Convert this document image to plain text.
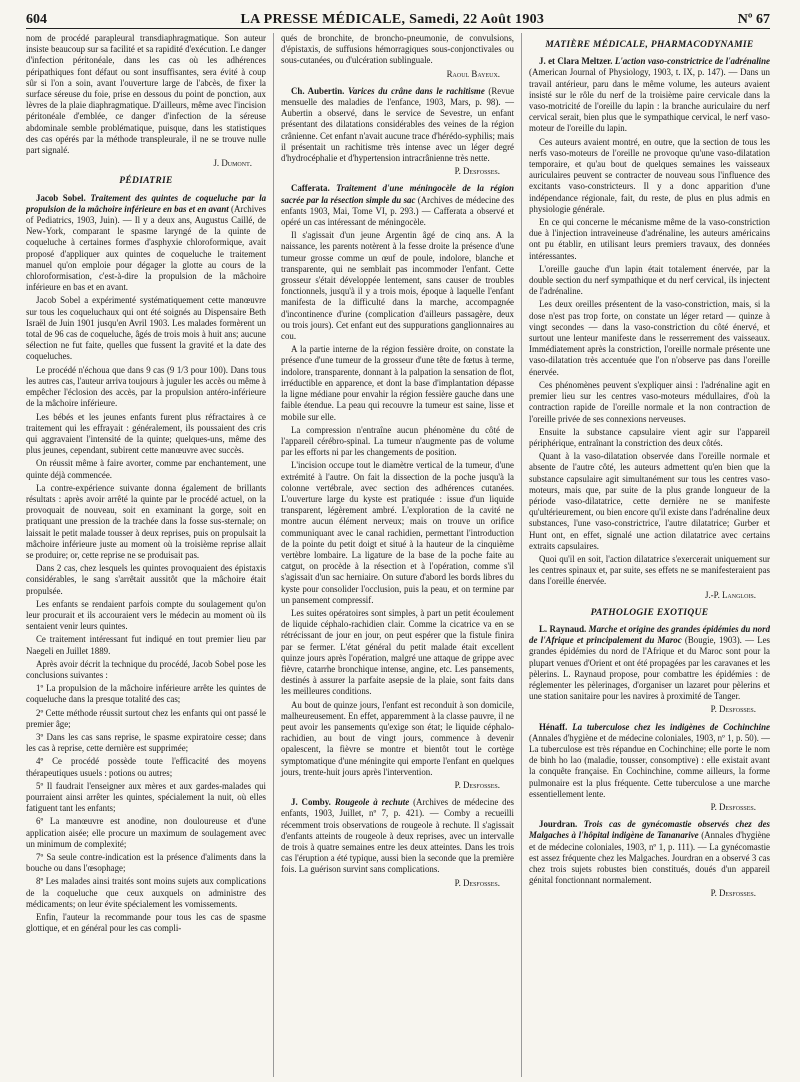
604	LA PRESSE MÉDICALE, Samedi, 22 Août 1903	Nº 67

nom de procédé parapleural transdiaphragmatique. Son auteur insiste beaucoup sur sa facilité et sa rapidité d'exécution. Le danger d'infection péritonéale, dans les cas où les adhérences péripathiques font défaut ou sont insuffisantes, sera évité à coup sûr si l'on a soin, avant l'ouverture large de l'abcès, de fixer la surface séreuse du foie, prise en dessous du point de ponction, aux lèvres de la plaie diaphragmatique. D'ailleurs, même avec l'incision péritonéale d'emblée, ce danger d'infection de la séreuse abdominale semble problématique, puisque, dans les statistiques des cas opérés par la méthode transpleurale, il ne se trouve nulle part signalé.

J. Dumont.

PÉDIATRIE

Jacob Sobel. Traitement des quintes de coqueluche par la propulsion de la mâchoire inférieure en bas et en avant (Archives of Pediatrics, 1903, Juin). — Il y a deux ans, Augustus Caillé, de New-York, comparant le spasme laryngé de la quinte de coqueluche à certaines formes d'asphyxie chloroformique, avait proposé d'appliquer aux quintes de coqueluche le traitement manuel qu'on emploie pour dégager la glotte au cours de la chloroformisation, c'est-à-dire la propulsion de la mâchoire inférieure en bas et en avant.

Jacob Sobel a expérimenté systématiquement cette manœuvre sur tous les coqueluchaux qui ont été soignés au Dispensaire Beth Israël de Juin 1901 jusqu'en Avril 1903. Les malades formèrent un total de 96 cas de coqueluche, âgés de trois mois à huit ans; aucune sélection ne fut faite, quelles que fussent la gravité et la date des coqueluches.

Le procédé n'échoua que dans 9 cas (9 1/3 pour 100). Dans tous les autres cas, l'auteur arriva toujours à juguler les accès ou même à empêcher l'éclosion des accès, par la propulsion antéro-inférieure de la mâchoire inférieure.

Les bébés et les jeunes enfants furent plus réfractaires à ce traitement qui les effrayait : généralement, ils poussaient des cris qui aggravaient l'intensité de la quinte; quelques-uns, même des plus jeunes, cependant, subirent cette manœuvre avec succès.

On réussit même à faire avorter, comme par enchantement, une quinte déjà commencée.

La contre-expérience suivante donna également de brillants résultats : après avoir arrêté la quinte par le procédé actuel, on la provoquait de nouveau, soit en examinant la gorge, soit en pratiquant une pression de la trachée dans la fosse sus-sternale; on laissait le petit malade tousser à deux reprises, puis on propulsait la mâchoire inférieure juste au moment où la troisième reprise allait se produire; or, cette reprise ne se produisait pas.

Dans 2 cas, chez lesquels les quintes provoquaient des épistaxis considérables, le sang s'arrêtait aussitôt que la mâchoire était propulsée.

Les enfants se rendaient parfois compte du soulagement qu'on leur procurait et ils accouraient vers le médecin au moment où ils sentaient venir leurs quintes.

Ce traitement intéressant fut indiqué en tout premier lieu par Naegeli en Juillet 1889.

Après avoir décrit la technique du procédé, Jacob Sobel pose les conclusions suivantes :

1º La propulsion de la mâchoire inférieure arrête les quintes de coqueluche dans la presque totalité des cas;

2º Cette méthode réussit surtout chez les enfants qui ont passé le premier âge;

3º Dans les cas sans reprise, le spasme expiratoire cesse; dans les cas à reprise, cette dernière est supprimée;

4º Ce procédé possède toute l'efficacité des moyens thérapeutiques usuels : potions ou autres;

5º Il faudrait l'enseigner aux mères et aux gardes-malades qui pourraient ainsi arrêter les quintes, spécialement la nuit, où elles fatiguent tant les enfants;

6º La manœuvre est anodine, non douloureuse et d'une application aisée; elle procure un maximum de soulagement avec un minimum de complexité;

7º Sa seule contre-indication est la présence d'aliments dans la bouche ou dans l'œsophage;

8º Les malades ainsi traités sont moins sujets aux complications de la coqueluche que ceux auxquels on administre des médicaments; on leur évite spécialement les vomissements.

Enfin, l'auteur la recommande pour tous les cas de spasme glottique, et en général pour les cas compli-

qués de bronchite, de broncho-pneumonie, de convulsions, d'épistaxis, de suffusions hémorragiques sous-conjonctivales ou sous-cutanées, ou d'ulcération sublinguale.

Raoul Bayeux.

Ch. Aubertin. Varices du crâne dans le rachitisme (Revue mensuelle des maladies de l'enfance, 1903, Mars, p. 98). — Aubertin a observé, dans le service de Sevestre, un enfant présentant des dilatations considérables des veines de la région crânienne. Cet enfant n'avait aucune trace d'hérédo-syphilis; mais il présentait un rachitisme très intense avec un léger degré d'hydrocéphalie et d'hypertension intracrânienne très nette.

P. Desfosses.

Cafferata. Traitement d'une méningocèle de la région sacrée par la résection simple du sac (Archives de médecine des enfants 1903, Mai, Tome VI, p. 293.) — Cafferata a observé et opéré un cas intéressant de méningocèle.

Il s'agissait d'un jeune Argentin âgé de cinq ans. A la naissance, les parents notèrent à la fesse droite la présence d'une tumeur grosse comme un œuf de poule, indolore, blanche et transparente, qui ne semblait pas incommoder l'enfant. Cette grosseur s'était développée lentement, sans causer de troubles fonctionnels, jusqu'à il y a trois mois, époque à laquelle l'enfant manifesta de la difficulté dans la marche, accompagnée d'incontinence d'urine (complication d'ailleurs passagère, deux ou trois jours). Cet enfant eut des suppurations ganglionnaires au cou.

A la partie interne de la région fessière droite, on constate la présence d'une tumeur de la grosseur d'une tête de fœtus à terme, indolore, transparente, donnant à la palpation la sensation de flot, irréductible en apparence, et dont la base d'implantation dépasse la ligne médiane pour envahir la région fessière gauche dans une faible étendue. La peau qui recouvre la tumeur est saine, lisse et mobile sur elle.

La compression n'entraîne aucun phénomène du côté de l'appareil cérébro-spinal. La tumeur n'augmente pas de volume par les efforts ni par les changements de position.

L'incision occupe tout le diamètre vertical de la tumeur, d'une extrémité à l'autre. On fait la dissection de la poche jusqu'à la colonne vertébrale, avec section des adhérences cutanées. L'ouverture large du kyste est pratiquée : issue d'un liquide transparent, légèrement ambré. L'exploration de la cavité ne montre aucun élément nerveux; mais on trouve un orifice communiquant avec le canal rachidien, permettant l'introduction de la pointe du petit doigt et situé à la hauteur de la cinquième vertèbre lombaire. La ligature de la base de la poche faite au catgut, on procède à la résection et à l'opération, comme s'il s'agissait d'un sac herniaire. On suture d'abord les bords libres du kyste pour consolider l'occlusion, puis la peau, et on termine par un pansement compressif.

Les suites opératoires sont simples, à part un petit écoulement de liquide céphalo-rachidien clair. Comme la cicatrice va en se rétrécissant de jour en jour, on peut espérer que la fistule finira par se fermer. L'état général du petit malade était excellent quinze jours après l'opération, malgré une attaque de grippe avec fièvre, catarrhe bronchique intense, angine, etc. Les pansements, destinés à assurer la parfaite asepsie de la plaie, sont faits dans les meilleures conditions.

Au bout de quinze jours, l'enfant est reconduit à son domicile, malheureusement. En effet, apparemment à la classe pauvre, il ne peut avoir les pansements qu'exige son état; le liquide céphalo-rachidien, au bout de vingt jours, commence à devenir opalescent, la fièvre se montre et bientôt tout le cortège symptomatique d'une méningite qui emporte l'enfant en quelques jours, trente-huit jours après l'intervention.

P. Desfosses.

J. Comby. Rougeole à rechute (Archives de médecine des enfants, 1903, Juillet, nº 7, p. 421). — Comby a recueilli récemment trois observations de rougeole à rechute. Il s'agissait d'enfants atteints de rougeole à deux reprises, avec un intervalle de trois à quatre semaines entre les deux atteintes. Dans les trois cas l'éruption a été typique, aussi bien la seconde que la première fois. La guérison survint sans complications.

P. Desfosses.

MATIÈRE MÉDICALE, PHARMACODYNAMIE

J. et Clara Meltzer. L'action vaso-constrictrice de l'adrénaline (American Journal of Physiology, 1903, t. IX, p. 147). — Dans un travail antérieur, paru dans le même volume, les auteurs avaient insisté sur le rôle du nerf de la troisième paire cervicale dans la vaso-motricité de l'oreille du lapin : la branche auriculaire du nerf cervical serait, bien plus que le sympathique cervical, le nerf vaso-moteur de l'oreille du lapin.

Ces auteurs avaient montré, en outre, que la section de tous les nerfs vaso-moteurs de l'oreille ne provoque qu'une vaso-dilatation temporaire, et qu'au bout de quelques semaines les vaisseaux auriculaires peuvent se contracter de nouveau sous l'influence des excitants vaso-constricteurs. Il y a donc apparition d'une indépendance régionale, fait, du reste, de plus en plus admis en physiologie générale.

En ce qui concerne le mécanisme même de la vaso-constriction due à l'injection intraveineuse d'adrénaline, les auteurs américains ont pu établir, en utilisant leurs premiers travaux, des données intéressantes.

L'oreille gauche d'un lapin était totalement énervée, par la double section du nerf sympathique et du nerf cervical, ils injectent de l'adrénaline.

Les deux oreilles présentent de la vaso-constriction, mais, si la dose n'est pas trop forte, on constate un léger retard — quinze à vingt secondes — dans la vaso-constriction du côté énervé, et surtout une lenteur manifeste dans le resserrement des vaisseaux. Immédiatement après la constriction, l'oreille normale présente une vaso-dilatation très accentuée que l'on n'observe pas dans l'oreille énervée.

Ces phénomènes peuvent s'expliquer ainsi : l'adrénaline agit en premier lieu sur les centres vaso-moteurs médullaires, d'où la contraction rapide de l'oreille normale et la non contraction de l'oreille privée de ses connexions nerveuses.

Ensuite la substance capsulaire vient agir sur l'appareil périphérique, entraînant la constriction des deux côtés.

Quant à la vaso-dilatation observée dans l'oreille normale et absente de l'autre côté, les auteurs admettent qu'en bien que la substance capsulaire agit simultanément sur tous les centres vaso-moteurs, mais que, par suite de la plus grande longueur de la période vaso-dilatatrice, cette dernière ne se manifeste qu'ultérieurement, ou bien encore qu'il existe dans l'adrénaline deux substances, l'une vaso-constrictrice, l'autre dilatatrice; Gurber et Hunt ont, en effet, signalé une action dilatatrice avec certains extraits capsulaires.

Quoi qu'il en soit, l'action dilatatrice s'exercerait uniquement sur les centres spinaux et, par suite, ses effets ne se manifesteraient pas dans l'oreille énervée.

J.-P. Langlois.

PATHOLOGIE EXOTIQUE

L. Raynaud. Marche et origine des grandes épidémies du nord de l'Afrique et principalement du Maroc (Bougie, 1903). — Les grandes épidémies du nord de l'Afrique et du Maroc sont pour la plupart venues d'Orient et ont été propagées par les caravanes et les pèlerins. L. Raynaud propose, pour combattre les épidémies : de réglementer les pèlerinages, d'organiser un lazaret pour pèlerins et une station sanitaire pour les navires à proximité de Tanger.

P. Desfosses.

Hénaff. La tuberculose chez les indigènes de Cochinchine (Annales d'hygiène et de médecine coloniales, 1903, nº 1, p. 50). — La tuberculose est très répandue en Cochinchine; elle porte le nom de binh ho lao (maladie, tousser, consomptive) : elle existait avant la conquête française. En Cochinchine, comme ailleurs, la forme pulmonaire est la plus fréquente. Cette tuberculose a une marche essentiellement lente.

P. Desfosses.

Jourdran. Trois cas de gynécomastie observés chez des Malgaches à l'hôpital indigène de Tananarive (Annales d'hygiène et de médecine coloniales, 1903, nº 1, p. 111). — La gynécomastie est assez fréquente chez les Malgaches. Jourdran en a observé 3 cas chez trois sujets robustes bien constitués, doués d'un appareil génital fonctionnant normalement.

P. Desfosses.
